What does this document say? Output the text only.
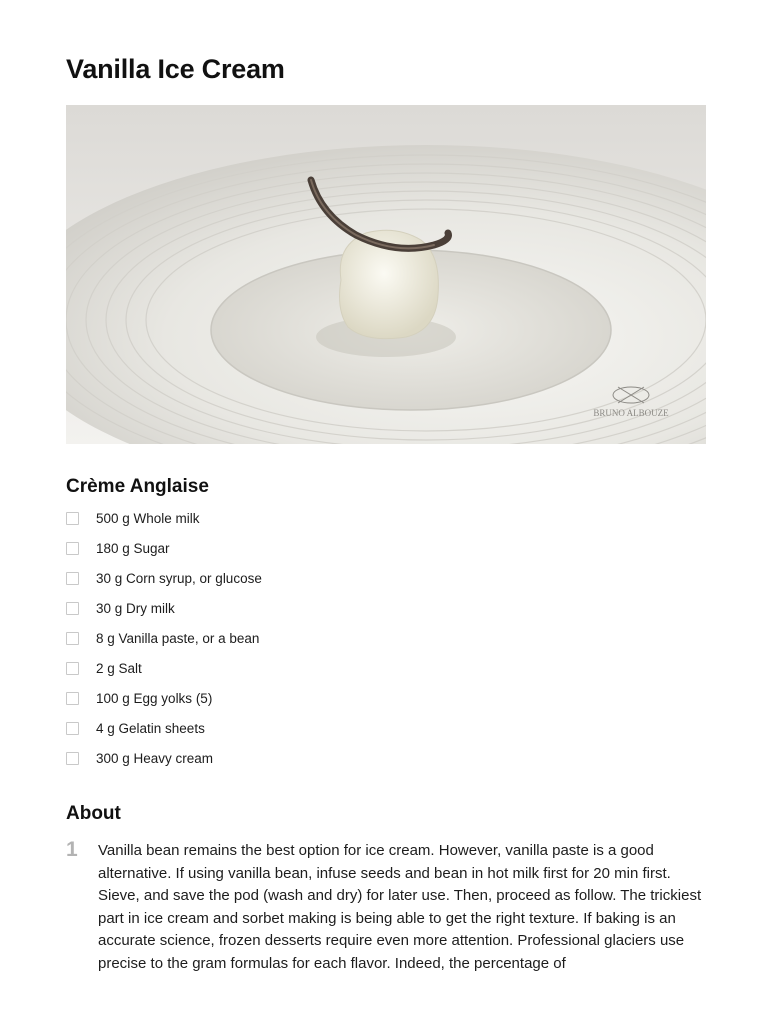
Vanilla Ice Cream
BRUNO ALBOUZE
Crème Anglaise
500 g Whole milk
180 g Sugar
30 g Corn syrup, or glucose
30 g Dry milk
8 g Vanilla paste, or a bean
2 g Salt
100 g Egg yolks (5)
4 g Gelatin sheets
300 g Heavy cream
About
1 Vanilla bean remains the best option for ice cream. However, vanilla paste is a good alternative. If using vanilla bean, infuse seeds and bean in hot milk first for 20 min first. Sieve, and save the pod (wash and dry) for later use. Then, proceed as follow. The trickiest part in ice cream and sorbet making is being able to get the right texture. If baking is an accurate science, frozen desserts require even more attention. Professional glaciers use precise to the gram formulas for each flavor. Indeed, the percentage of
